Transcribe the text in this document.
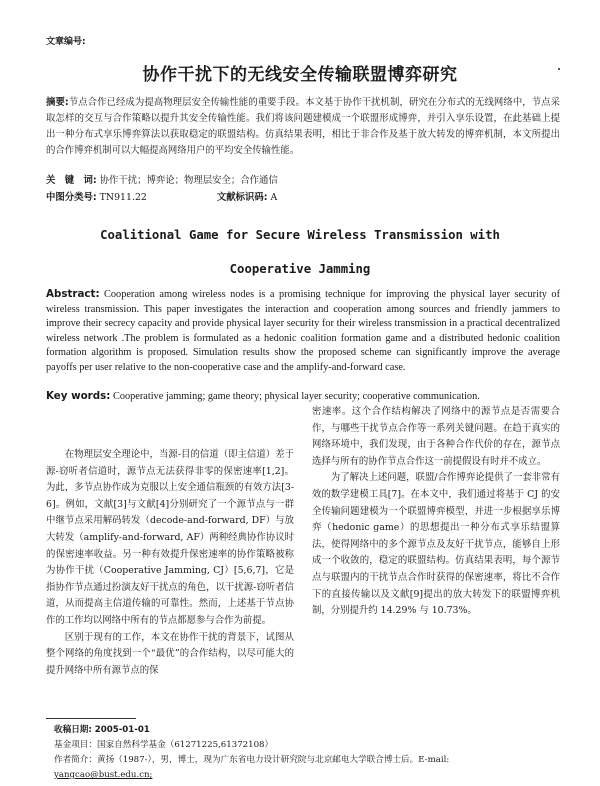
文章编号:
协作干扰下的无线安全传输联盟博弈研究
摘要:节点合作已经成为提高物理层安全传输性能的重要手段。本文基于协作干扰机制，研究在分布式的无线网络中，节点采取怎样的交互与合作策略以提升其安全传输性能。我们将该问题建模成一个联盟形成博弈，并引入享乐设置，在此基础上提出一种分布式享乐博弈算法以获取稳定的联盟结构。仿真结果表明，相比于非合作及基于放大转发的博弈机制，本文所提出的合作博弈机制可以大幅提高网络用户的平均安全传输性能。
关　键　词: 协作干扰；博弈论；物理层安全；合作通信
中图分类号: TN911.22	文献标识码: A
Coalitional Game for Secure Wireless Transmission with
Cooperative Jamming
Abstract: Cooperation among wireless nodes is a promising technique for improving the physical layer security of wireless transmission. This paper investigates the interaction and cooperation among sources and friendly jammers to improve their secrecy capacity and provide physical layer security for their wireless transmission in a practical decentralized wireless network .The problem is formulated as a hedonic coalition formation game and a distributed hedonic coalition formation algorithm is proposed. Simulation results show the proposed scheme can significantly improve the average payoffs per user relative to the non-cooperative case and the amplify-and-forward case.
Key words: Cooperative jamming; game theory; physical layer security; cooperative communication.

在物理层安全理论中，当源-目的信道（即主信道）差于源-窃听者信道时，源节点无法获得非零的保密速率[1,2]。为此，多节点协作成为克服以上安全通信瓶颈的有效方法[3-6]。例如，文献[3]与文献[4]分别研究了一个源节点与一群中继节点采用解码转发（decode-and-forward, DF）与放大转发（amplify-and-forward, AF）两种经典协作协议时的保密速率收益。另一种有效提升保密速率的协作策略被称为协作干扰（Cooperative Jamming, CJ）[5,6,7]，它是指协作节点通过扮演友好干扰点的角色，以干扰源-窃听者信道，从而提高主信道传输的可靠性。然而，上述基于节点协作的工作均以网络中所有的节点都愿参与合作为前提。

区别于现有的工作，本文在协作干扰的背景下，试图从整个网络的角度找到一个“最优”的合作结构，以尽可能大的提升网络中所有源节点的保

密速率。这个合作结构解决了网络中的源节点是否需要合作，与哪些干扰节点合作等一系列关键问题。在趋于真实的网络环境中，我们发现，由于各种合作代价的存在，源节点选择与所有的协作节点合作这一前提假设有时并不成立。

为了解决上述问题，联盟/合作博弈论提供了一套非常有效的数学建模工具[7]。在本文中，我们通过将基于 CJ 的安全传输问题建模为一个联盟博弈模型，并进一步根据享乐博弈（hedonic game）的思想提出一种分布式享乐结盟算法，使得网络中的多个源节点及友好干扰节点，能够自上形成一个收敛的，稳定的联盟结构。仿真结果表明，每个源节点与联盟内的干扰节点合作时获得的保密速率，将比不合作下的直接传输以及文献[9]提出的放大转发下的联盟博弈机制，分别提升约 14.29% 与 10.73%。

收稿日期: 2005-01-01
基金项目：国家自然科学基金（61271225,61372108）
作者简介：黄扬（1987-），男，博士，现为广东省电力设计研究院与北京邮电大学联合博士后。E-mail:
yangcao@bust.edu.cn;
